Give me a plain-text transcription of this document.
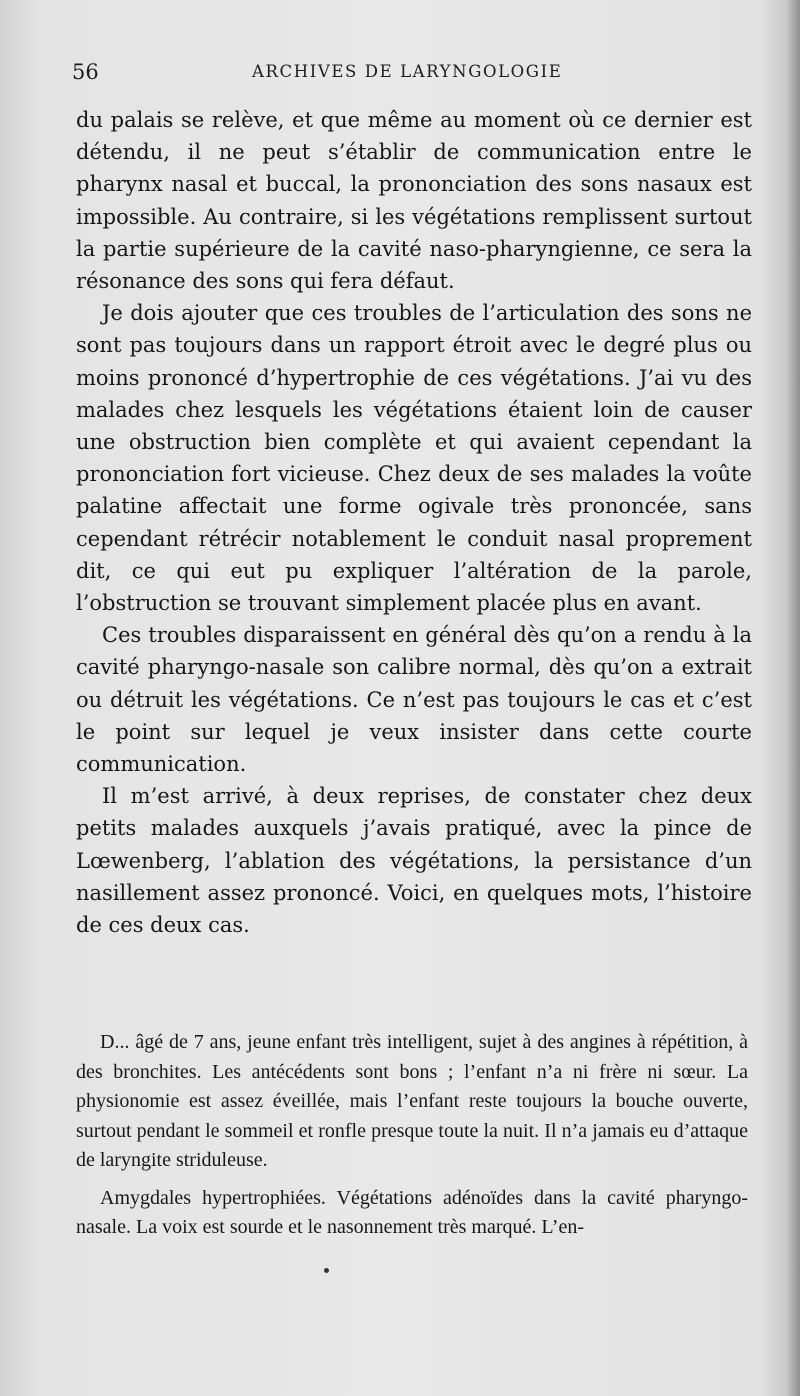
56	ARCHIVES DE LARYNGOLOGIE

du palais se relève, et que même au moment où ce dernier est détendu, il ne peut s’établir de communication entre le pharynx nasal et buccal, la prononciation des sons nasaux est impossible. Au contraire, si les végétations remplissent surtout la partie supérieure de la cavité naso-pharyngienne, ce sera la résonance des sons qui fera défaut.

Je dois ajouter que ces troubles de l’articulation des sons ne sont pas toujours dans un rapport étroit avec le degré plus ou moins prononcé d’hypertrophie de ces végétations. J’ai vu des malades chez lesquels les végétations étaient loin de causer une obstruction bien complète et qui avaient cependant la prononciation fort vicieuse. Chez deux de ses malades la voûte palatine affectait une forme ogivale très prononcée, sans cependant rétrécir notablement le conduit nasal proprement dit, ce qui eut pu expliquer l’altération de la parole, l’obstruction se trouvant simplement placée plus en avant.

Ces troubles disparaissent en général dès qu’on a rendu à la cavité pharyngo-nasale son calibre normal, dès qu’on a extrait ou détruit les végétations. Ce n’est pas toujours le cas et c’est le point sur lequel je veux insister dans cette courte communication.

Il m’est arrivé, à deux reprises, de constater chez deux petits malades auxquels j’avais pratiqué, avec la pince de Lœwenberg, l’ablation des végétations, la persistance d’un nasillement assez prononcé. Voici, en quelques mots, l’histoire de ces deux cas.

D... âgé de 7 ans, jeune enfant très intelligent, sujet à des angines à répétition, à des bronchites. Les antécédents sont bons ; l’enfant n’a ni frère ni sœur. La physionomie est assez éveillée, mais l’enfant reste toujours la bouche ouverte, surtout pendant le sommeil et ronfle presque toute la nuit. Il n’a jamais eu d’attaque de laryngite striduleuse.

Amygdales hypertrophiées. Végétations adénoïdes dans la cavité pharyngo-nasale. La voix est sourde et le nasonnement très marqué. L’en-
